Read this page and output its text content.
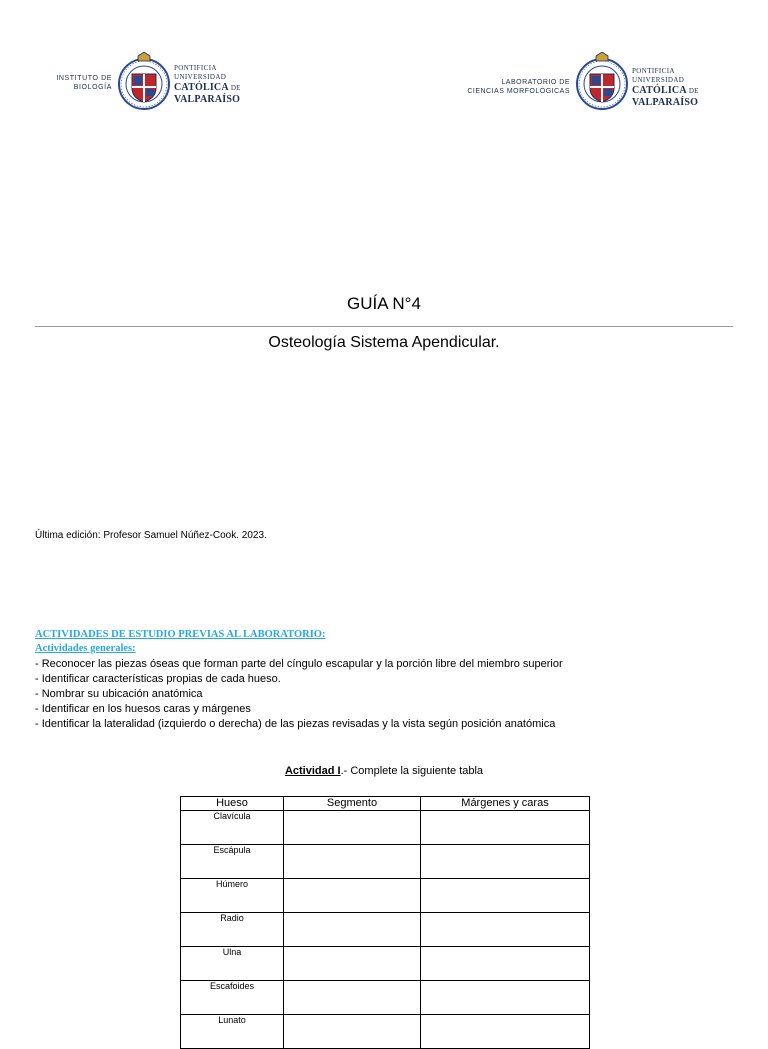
INSTITUTO DE
BIOLOGÍA
PONTIFICIA
UNIVERSIDAD
CATÓLICA DE
VALPARAÍSO
LABORATORIO DE
CIENCIAS MORFOLÓGICAS
PONTIFICIA
UNIVERSIDAD
CATÓLICA DE
VALPARAÍSO
GUÍA N°4
Osteología Sistema Apendicular.
Última edición: Profesor Samuel Núñez-Cook. 2023.
ACTIVIDADES DE ESTUDIO PREVIAS AL LABORATORIO:
Actividades generales:
- Reconocer las piezas óseas que forman parte del cíngulo escapular y la porción libre del miembro superior
- Identificar características propias de cada hueso.
- Nombrar su ubicación anatómica
- Identificar en los huesos caras y márgenes
- Identificar la lateralidad (izquierdo o derecha) de las piezas revisadas y la vista según posición anatómica
Actividad I.- Complete la siguiente tabla
Hueso	Segmento	Márgenes y caras
Clavícula		
Escápula		
Húmero		
Radio		
Ulna		
Escafoides		
Lunato		
